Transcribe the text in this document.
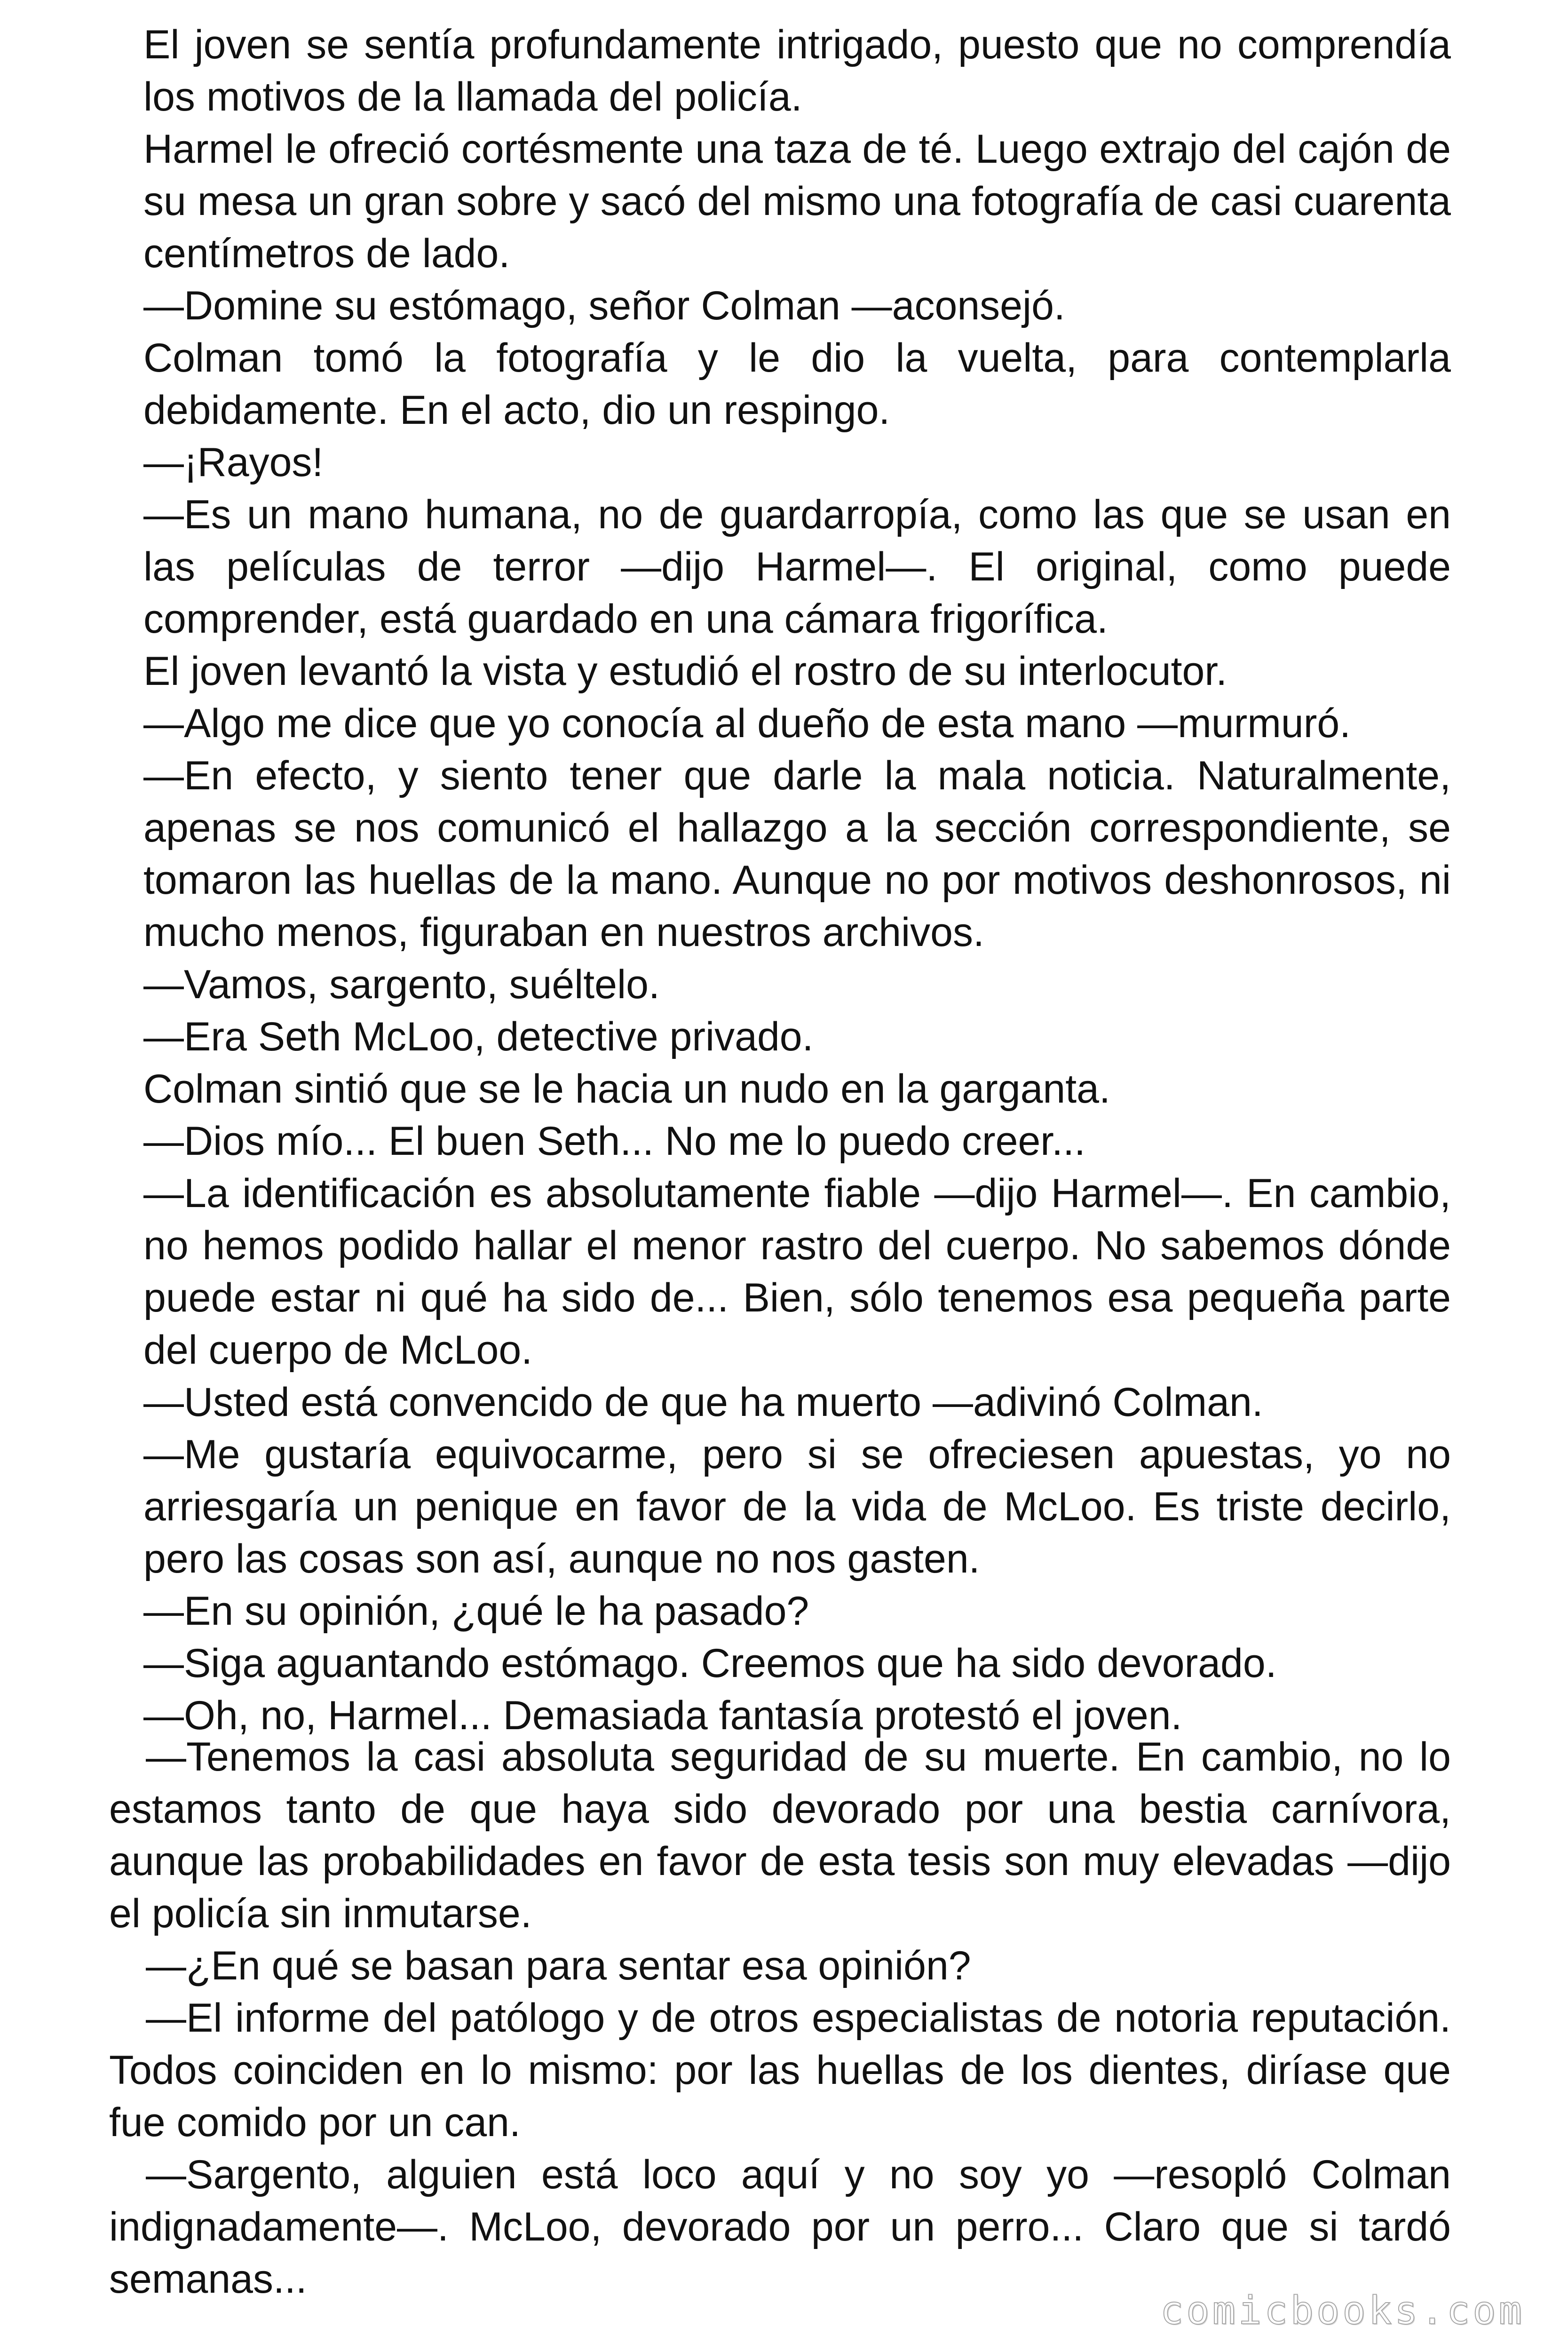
El joven se sentía profundamente intrigado, puesto que no comprendía los motivos de la llamada del policía.

Harmel le ofreció cortésmente una taza de té. Luego extrajo del cajón de su mesa un gran sobre y sacó del mismo una fotografía de casi cuarenta centímetros de lado.

—Domine su estómago, señor Colman —aconsejó.

Colman tomó la fotografía y le dio la vuelta, para contemplarla debidamente. En el acto, dio un respingo.

—¡Rayos!

—Es un mano humana, no de guardarropía, como las que se usan en las películas de terror —dijo Harmel—. El original, como puede comprender, está guardado en una cámara frigorífica.

El joven levantó la vista y estudió el rostro de su interlocutor.

—Algo me dice que yo conocía al dueño de esta mano —murmuró.

—En efecto, y siento tener que darle la mala noticia. Naturalmente, apenas se nos comunicó el hallazgo a la sección correspondiente, se tomaron las huellas de la mano. Aunque no por motivos deshonrosos, ni mucho menos, figuraban en nuestros archivos.

—Vamos, sargento, suéltelo.

—Era Seth McLoo, detective privado.

Colman sintió que se le hacia un nudo en la garganta.

—Dios mío... El buen Seth... No me lo puedo creer...

—La identificación es absolutamente fiable —dijo Harmel—. En cambio, no hemos podido hallar el menor rastro del cuerpo. No sabemos dónde puede estar ni qué ha sido de... Bien, sólo tenemos esa pequeña parte del cuerpo de McLoo.

—Usted está convencido de que ha muerto —adivinó Colman.

—Me gustaría equivocarme, pero si se ofreciesen apuestas, yo no arriesgaría un penique en favor de la vida de McLoo. Es triste decirlo, pero las cosas son así, aunque no nos gasten.

—En su opinión, ¿qué le ha pasado?

—Siga aguantando estómago. Creemos que ha sido devorado.

—Oh, no, Harmel... Demasiada fantasía protestó el joven.

—Tenemos la casi absoluta seguridad de su muerte. En cambio, no lo estamos tanto de que haya sido devorado por una bestia carnívora, aunque las probabilidades en favor de esta tesis son muy elevadas —dijo el policía sin inmutarse.

—¿En qué se basan para sentar esa opinión?

—El informe del patólogo y de otros especialistas de notoria reputación. Todos coinciden en lo mismo: por las huellas de los dientes, diríase que fue comido por un can.

—Sargento, alguien está loco aquí y no soy yo —resopló Colman indignadamente—. McLoo, devorado por un perro... Claro que si tardó semanas...

comicbooks.com
